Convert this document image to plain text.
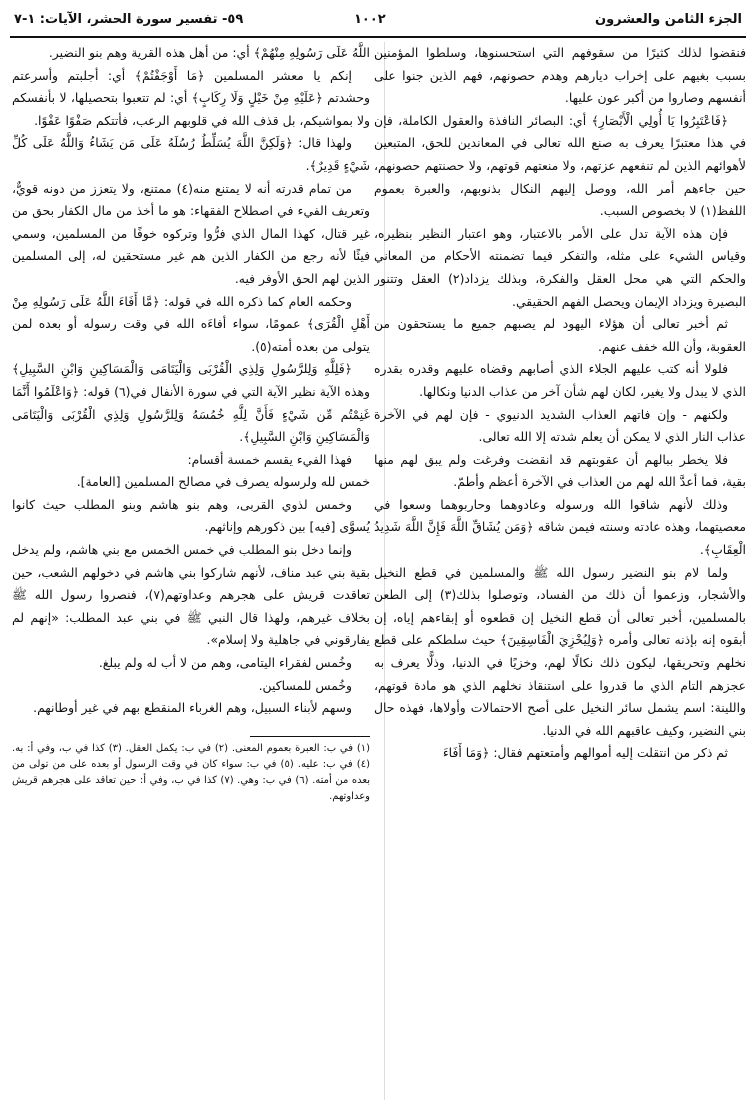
الجزء الثامن والعشرون
١٠٠٢
٥٩- تفسير سورة الحشر، الآيات: ١-٧

فنقضوا لذلك كثيرًا من سقوفهم التي استحسنوها، وسلطوا المؤمنين بسبب بغيهم على إخراب ديارهم وهدم حصونهم، فهم الذين جنوا على أنفسهم وصاروا من أكبر عون عليها.

﴿فَاعْتَبِرُوا يَا أُولِي الْأَبْصَارِ﴾ أي: البصائر النافذة والعقول الكاملة، فإن في هذا معتبرًا يعرف به صنع الله تعالى في المعاندين للحق، المتبعين لأهوائهم الذين لم تنفعهم عزتهم، ولا منعتهم قوتهم، ولا حصنتهم حصونهم، حين جاءهم أمر الله، ووصل إليهم النكال بذنوبهم، والعبرة بعموم اللفظ(١) لا بخصوص السبب.

فإن هذه الآية تدل على الأمر بالاعتبار، وهو اعتبار النظير بنظيره، وقياس الشيء على مثله، والتفكر فيما تضمنته الأحكام من المعاني والحكم التي هي محل العقل والفكرة، وبذلك يزداد(٢) العقل وتتنور البصيرة ويزداد الإيمان ويحصل الفهم الحقيقي.

ثم أخبر تعالى أن هؤلاء اليهود لم يصبهم جميع ما يستحقون من العقوبة، وأن الله خفف عنهم.

فلولا أنه كتب عليهم الجلاء الذي أصابهم وقضاه عليهم وقدره بقدره الذي لا يبدل ولا يغير، لكان لهم شأن آخر من عذاب الدنيا ونكالها.

ولكنهم - وإن فاتهم العذاب الشديد الدنيوي - فإن لهم في الآخرة عذاب النار الذي لا يمكن أن يعلم شدته إلا الله تعالى.

فلا يخطر ببالهم أن عقوبتهم قد انقضت وفرغت ولم يبق لهم منها بقية، فما أعدَّ الله لهم من العذاب في الآخرة أعظم وأطمّ.

وذلك لأنهم شاقوا الله ورسوله وعادوهما وحاربوهما وسعوا في معصيتهما، وهذه عادته وسنته فيمن شاقه ﴿وَمَن يُشَاقِّ اللَّهَ فَإِنَّ اللَّهَ شَدِيدُ الْعِقَابِ﴾.

ولما لام بنو النضير رسول الله ﷺ والمسلمين في قطع النخيل والأشجار، وزعموا أن ذلك من الفساد، وتوصلوا بذلك(٣) إلى الطعن بالمسلمين، أخبر تعالى أن قطع النخيل إن قطعوه أو إبقاءهم إياه، إن أبقوه إنه بإذنه تعالى وأمره ﴿وَلِيُخْزِيَ الْفَاسِقِينَ﴾ حيث سلطكم على قطع نخلهم وتحريقها، ليكون ذلك نكالًا لهم، وخزيًا في الدنيا، وذلًّا يعرف به عجزهم التام الذي ما قدروا على استنقاذ نخلهم الذي هو مادة قوتهم، واللينة: اسم يشمل سائر النخيل على أصح الاحتمالات وأولاها، فهذه حال بني النضير، وكيف عاقبهم الله في الدنيا.

ثم ذكر من انتقلت إليه أموالهم وأمتعتهم فقال: ﴿وَمَا أَفَاءَ

اللَّهُ عَلَى رَسُولِهِ مِنْهُمْ﴾ أي: من أهل هذه القرية وهم بنو النضير.

إنكم يا معشر المسلمين ﴿مَا أَوْجَفْتُمْ﴾ أي: أجلبتم وأسرعتم وحشدتم ﴿عَلَيْهِ مِنْ خَيْلٍ وَلَا رِكَابٍ﴾ أي: لم تتعبوا بتحصيلها، لا بأنفسكم ولا بمواشيكم، بل قذف الله في قلوبهم الرعب، فأتتكم صَفْوًا عَفْوًا.

ولهذا قال: ﴿وَلَكِنَّ اللَّهَ يُسَلِّطُ رُسُلَهُ عَلَى مَن يَشَاءُ وَاللَّهُ عَلَى كُلِّ شَيْءٍ قَدِيرٌ﴾.

من تمام قدرته أنه لا يمتنع منه(٤) ممتنع، ولا يتعزز من دونه قويٌّ، وتعريف الفيء في اصطلاح الفقهاء: هو ما أخذ من مال الكفار بحق من غير قتال، كهذا المال الذي فرُّوا وتركوه خوفًا من المسلمين، وسمي فيئًا لأنه رجع من الكفار الذين هم غير مستحقين له، إلى المسلمين الذين لهم الحق الأوفر فيه.

وحكمه العام كما ذكره الله في قوله: ﴿مَّا أَفَاءَ اللَّهُ عَلَى رَسُولِهِ مِنْ أَهْلِ الْقُرَى﴾ عمومًا، سواء أفاءَه الله في وقت رسوله أو بعده لمن يتولى من بعده أمته(٥).

﴿فَلِلَّهِ وَلِلرَّسُولِ وَلِذِي الْقُرْبَى وَالْيَتَامَى وَالْمَسَاكِينِ وَابْنِ السَّبِيلِ﴾ وهذه الآية نظير الآية التي في سورة الأنفال في(٦) قوله: ﴿وَاعْلَمُوا أَنَّمَا غَنِمْتُم مِّن شَيْءٍ فَأَنَّ لِلَّهِ خُمُسَهُ وَلِلرَّسُولِ وَلِذِي الْقُرْبَى وَالْيَتَامَى وَالْمَسَاكِينِ وَابْنِ السَّبِيلِ﴾.

فهذا الفيء يقسم خمسة أقسام:

خمس لله ولرسوله يصرف في مصالح المسلمين [العامة].

وخمس لذوي القربى، وهم بنو هاشم وبنو المطلب حيث كانوا يُسوَّى [فيه] بين ذكورهم وإناثهم.

وإنما دخل بنو المطلب في خمس الخمس مع بني هاشم، ولم يدخل بقية بني عبد مناف، لأنهم شاركوا بني هاشم في دخولهم الشعب، حين تعاقدت قريش على هجرهم وعداوتهم(٧)، فنصروا رسول الله ﷺ بخلاف غيرهم، ولهذا قال النبي ﷺ في بني عبد المطلب: «إنهم لم يفارقوني في جاهلية ولا إسلام».

وخُمس لفقراء اليتامى، وهم من لا أب له ولم يبلغ.

وخُمس للمساكين.

وسهم لأبناء السبيل، وهم الغرباء المنقطع بهم في غير أوطانهم.

(١) في ب: العبرة بعموم المعنى. (٢) في ب: يكمل العقل. (٣) كذا في ب، وفي أ: به. (٤) في ب: عليه. (٥) في ب: سواء كان في وقت الرسول أو بعده على من تولى من بعده من أمته. (٦) في ب: وهي. (٧) كذا في ب، وفي أ: حين تعاقد على هجرهم قريش وعداوتهم.
